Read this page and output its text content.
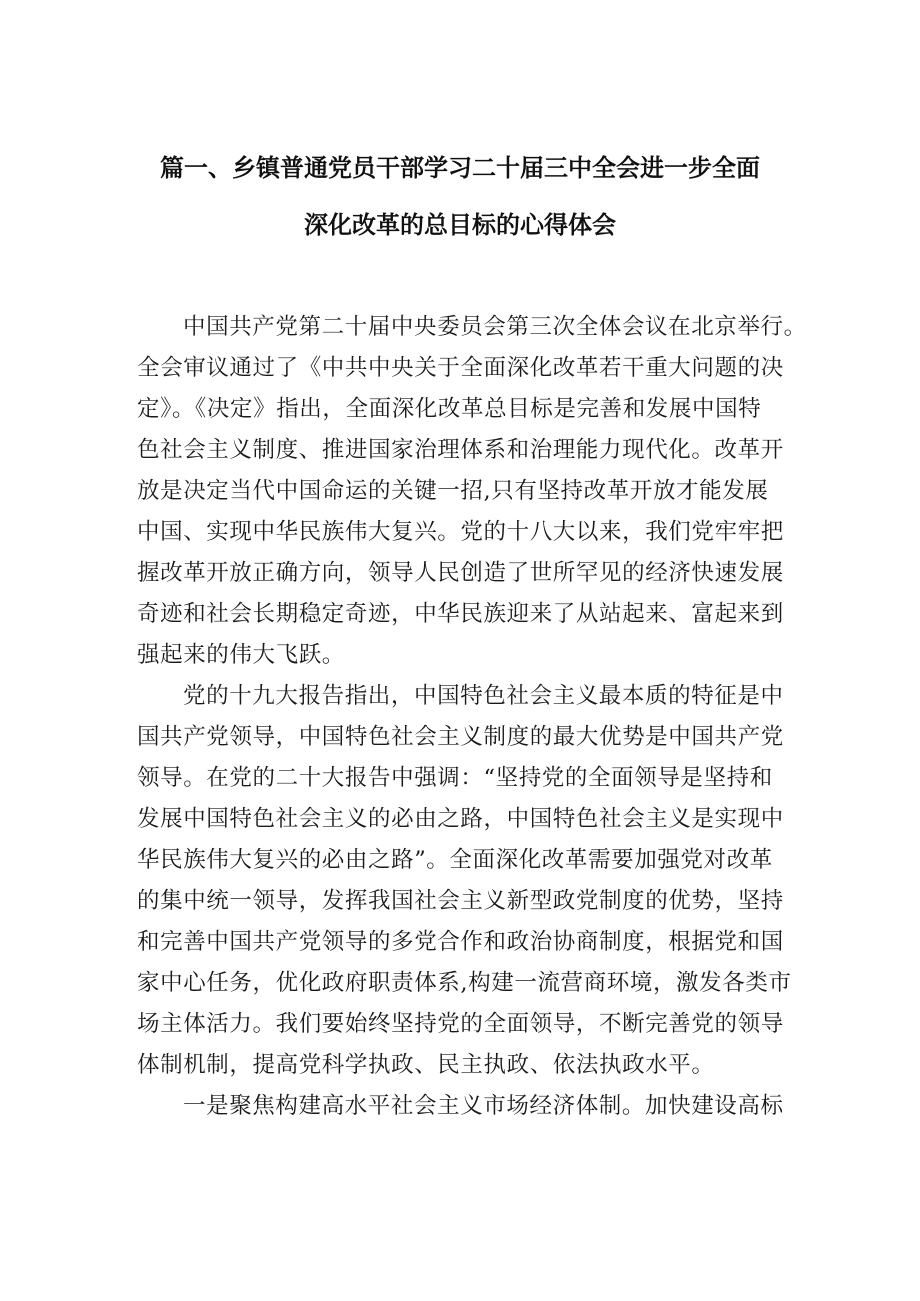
篇一、乡镇普通党员干部学习二十届三中全会进一步全面
深化改革的总目标的心得体会
中国共产党第二十届中央委员会第三次全体会议在北京举行。
全会审议通过了《中共中央关于全面深化改革若干重大问题的决
定》。《决定》指出，全面深化改革总目标是完善和发展中国特
色社会主义制度、推进国家治理体系和治理能力现代化。改革开
放是决定当代中国命运的关键一招,只有坚持改革开放才能发展
中国、实现中华民族伟大复兴。党的十八大以来，我们党牢牢把
握改革开放正确方向，领导人民创造了世所罕见的经济快速发展
奇迹和社会长期稳定奇迹，中华民族迎来了从站起来、富起来到
强起来的伟大飞跃。
党的十九大报告指出，中国特色社会主义最本质的特征是中
国共产党领导，中国特色社会主义制度的最大优势是中国共产党
领导。在党的二十大报告中强调：“坚持党的全面领导是坚持和
发展中国特色社会主义的必由之路，中国特色社会主义是实现中
华民族伟大复兴的必由之路”。全面深化改革需要加强党对改革
的集中统一领导，发挥我国社会主义新型政党制度的优势，坚持
和完善中国共产党领导的多党合作和政治协商制度，根据党和国
家中心任务，优化政府职责体系,构建一流营商环境，激发各类市
场主体活力。我们要始终坚持党的全面领导，不断完善党的领导
体制机制，提高党科学执政、民主执政、依法执政水平。
一是聚焦构建高水平社会主义市场经济体制。加快建设高标
